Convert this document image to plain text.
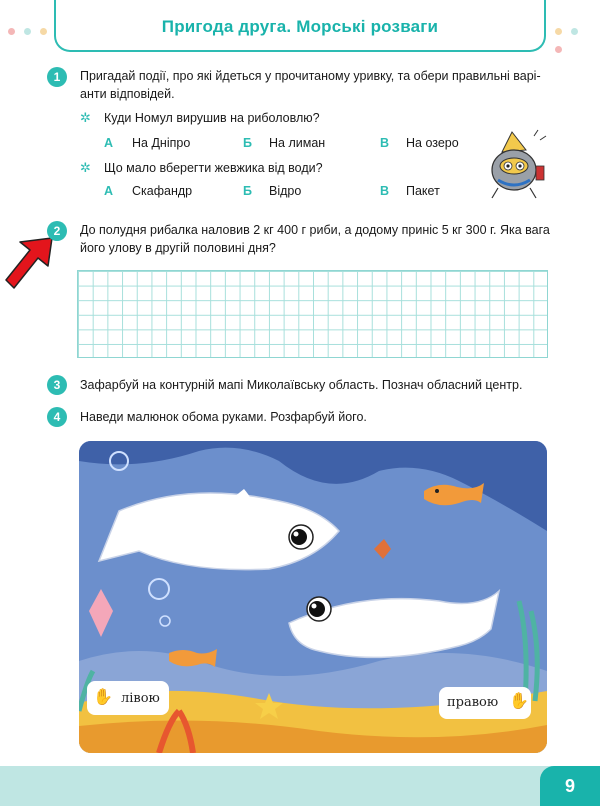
Пригода друга. Морські розваги
1	Пригадай події, про які йдеться у прочитаному уривку, та обери правильні варі-анти відповідей.
✲ Куди Номул вирушив на риболовлю?
А На Дніпро	Б На лиман	В На озеро
✲ Що мало вберегти жевжика від води?
А Скафандр	Б Відро	В Пакет
2	До полудня рибалка наловив 2 кг 400 г риби, а додому приніс 5 кг 300 г. Яка вага його улову в другій половині дня?
3	Зафарбуй на контурній мапі Миколаївську область. Познач обласний центр.
4	Наведи малюнок обома руками. Розфарбуй його.
✋ лівою	правою ✋
9
